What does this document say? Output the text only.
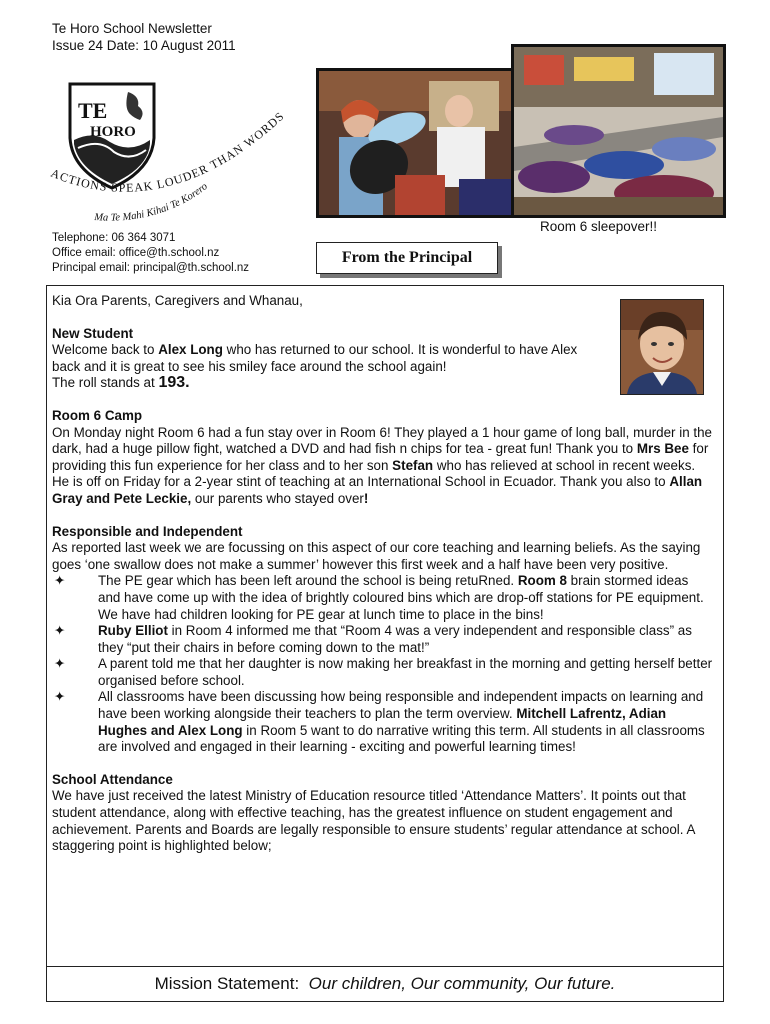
Te Horo School Newsletter
Issue 24 Date: 10 August 2011
TE
HORO
ACTIONS SPEAK LOUDER THAN WORDS
Ma Te Mahi Kihai Te Korero
Telephone: 06 364 3071
Office email: office@th.school.nz
Principal email: principal@th.school.nz
Room 6 sleepover!!
From the Principal

Kia Ora Parents, Caregivers and Whanau,

New Student

Welcome back to Alex Long who has returned to our school. It is wonderful to have Alex back and it is great to see his smiley face around the school again!

The roll stands at 193.

Room 6 Camp

On Monday night Room 6 had a fun stay over in Room 6! They played a 1 hour game of long ball, murder in the dark, had a huge pillow fight, watched a DVD and had fish n chips for tea - great fun! Thank you to Mrs Bee for providing this fun experience for her class and to her son Stefan who has relieved at school in recent weeks. He is off on Friday for a 2-year stint of teaching at an International School in Ecuador. Thank you also to Allan Gray and Pete Leckie, our parents who stayed over!

Responsible and Independent

As reported last week we are focussing on this aspect of our core teaching and learning beliefs. As the saying goes ‘one swallow does not make a summer’ however this first week and a half have been very positive.

✦ The PE gear which has been left around the school is being retuRned. Room 8 brain stormed ideas and have come up with the idea of brightly coloured bins which are drop-off stations for PE equipment. We have had children looking for PE gear at lunch time to place in the bins!
✦ Ruby Elliot in Room 4 informed me that “Room 4 was a very independent and responsible class” as they “put their chairs in before coming down to the mat!”
✦ A parent told me that her daughter is now making her breakfast in the morning and getting herself better organised before school.
✦ All classrooms have been discussing how being responsible and independent impacts on learning and have been working alongside their teachers to plan the term overview. Mitchell Lafrentz, Adian Hughes and Alex Long in Room 5 want to do narrative writing this term. All students in all classrooms are involved and engaged in their learning - exciting and powerful learning times!

School Attendance

We have just received the latest Ministry of Education resource titled ‘Attendance Matters’. It points out that student attendance, along with effective teaching, has the greatest influence on student engagement and achievement. Parents and Boards are legally responsible to ensure students’ regular attendance at school. A staggering point is highlighted below;

Mission Statement: Our children, Our community, Our future.
